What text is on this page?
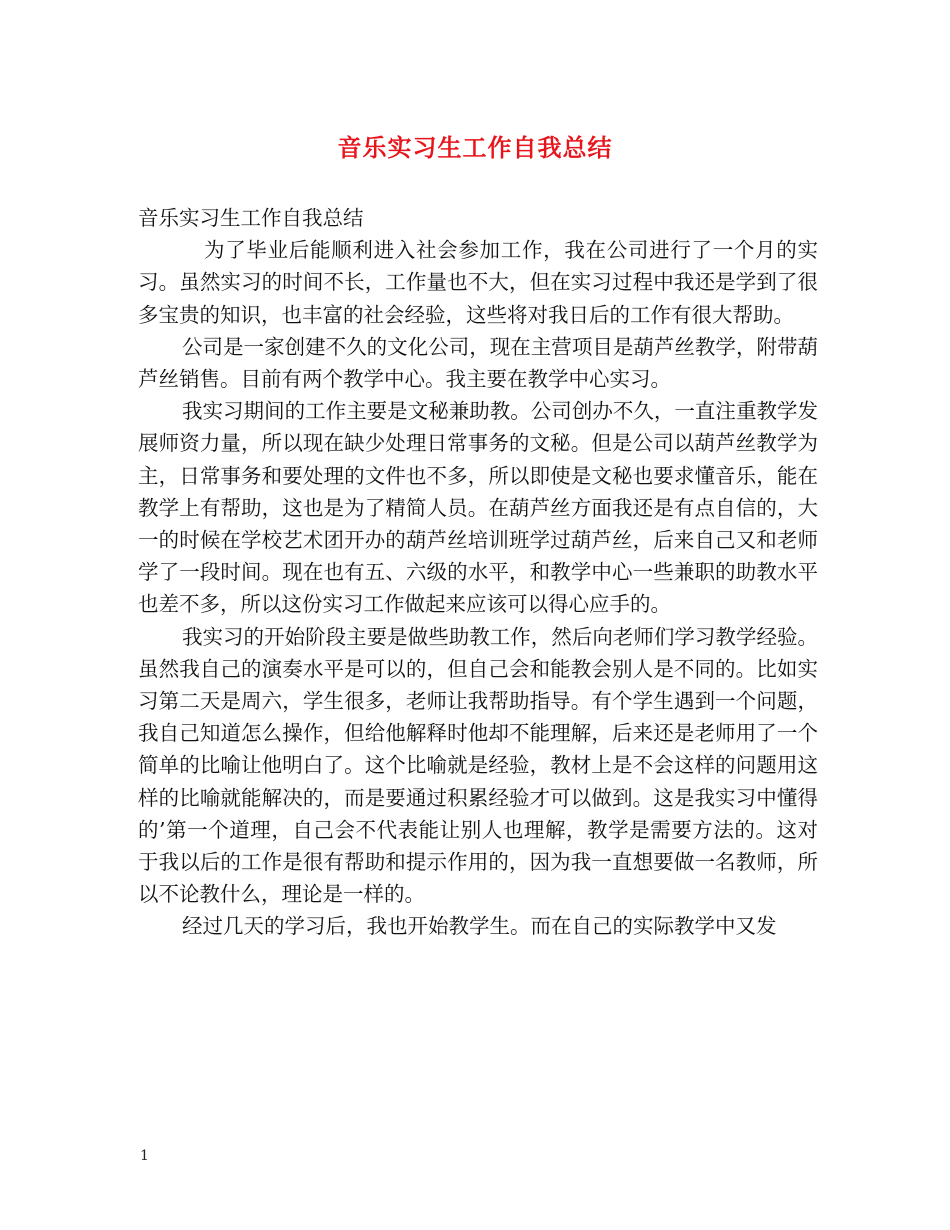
音乐实习生工作自我总结

音乐实习生工作自我总结

为了毕业后能顺利进入社会参加工作，我在公司进行了一个月的实习。虽然实习的时间不长，工作量也不大，但在实习过程中我还是学到了很多宝贵的知识，也丰富的社会经验，这些将对我日后的工作有很大帮助。

公司是一家创建不久的文化公司，现在主营项目是葫芦丝教学，附带葫芦丝销售。目前有两个教学中心。我主要在教学中心实习。

我实习期间的工作主要是文秘兼助教。公司创办不久，一直注重教学发展师资力量，所以现在缺少处理日常事务的文秘。但是公司以葫芦丝教学为主，日常事务和要处理的文件也不多，所以即使是文秘也要求懂音乐，能在教学上有帮助，这也是为了精简人员。在葫芦丝方面我还是有点自信的，大一的时候在学校艺术团开办的葫芦丝培训班学过葫芦丝，后来自己又和老师学了一段时间。现在也有五、六级的水平，和教学中心一些兼职的助教水平也差不多，所以这份实习工作做起来应该可以得心应手的。

我实习的开始阶段主要是做些助教工作，然后向老师们学习教学经验。虽然我自己的演奏水平是可以的，但自己会和能教会别人是不同的。比如实习第二天是周六，学生很多，老师让我帮助指导。有个学生遇到一个问题，我自己知道怎么操作，但给他解释时他却不能理解，后来还是老师用了一个简单的比喻让他明白了。这个比喻就是经验，教材上是不会这样的问题用这样的比喻就能解决的，而是要通过积累经验才可以做到。这是我实习中懂得的’第一个道理，自己会不代表能让别人也理解，教学是需要方法的。这对于我以后的工作是很有帮助和提示作用的，因为我一直想要做一名教师，所以不论教什么，理论是一样的。

经过几天的学习后，我也开始教学生。而在自己的实际教学中又发

1
